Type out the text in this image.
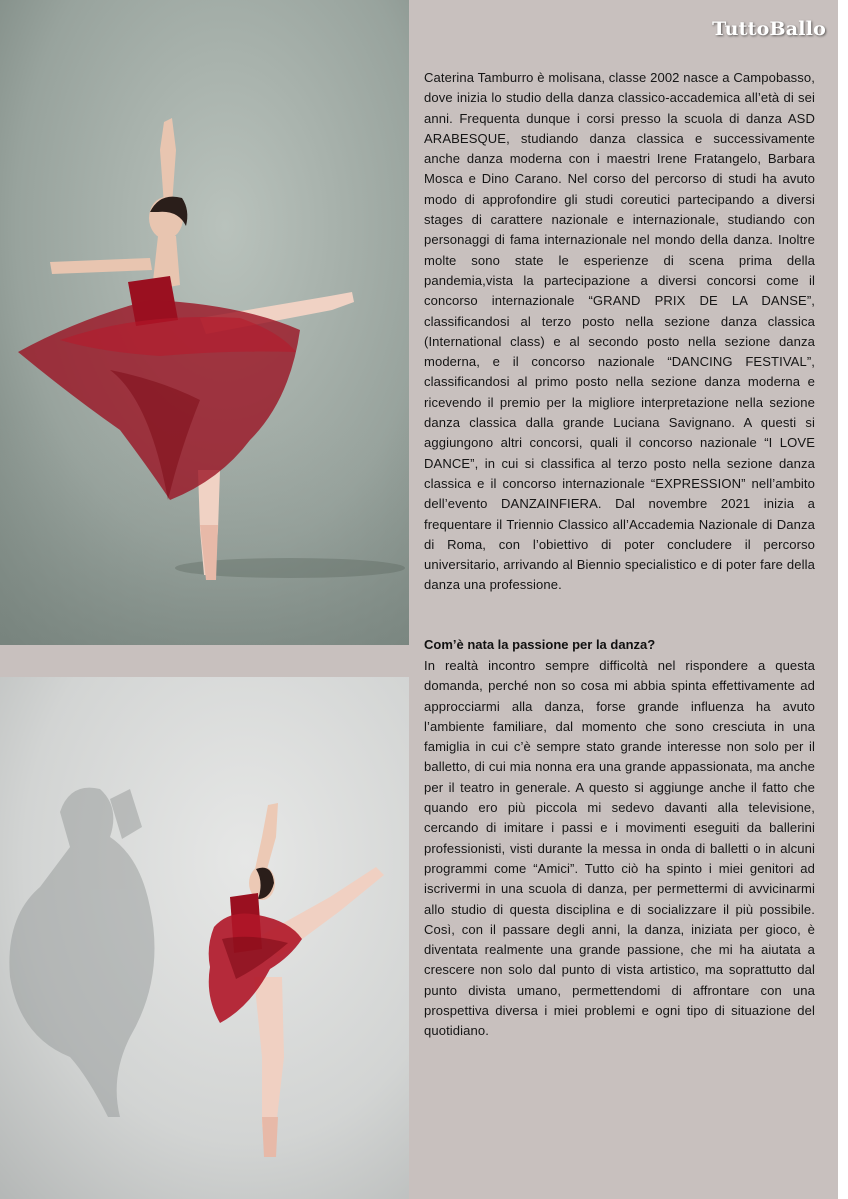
TuttoBallo

Caterina Tamburro è molisana, classe 2002 nasce a Campobasso, dove inizia lo studio della danza classico-accademica all’età di sei anni. Frequenta dunque i corsi presso la scuola di danza ASD ARABESQUE, studiando danza classica e successivamente anche danza moderna con i maestri Irene Fratangelo, Barbara Mosca e Dino Carano. Nel corso del percorso di studi ha avuto modo di approfondire gli studi coreutici partecipando a diversi stages di carattere nazionale e internazionale, studiando con personaggi di fama internazionale nel mondo della danza. Inoltre molte sono state le esperienze di scena prima della pandemia,vista la partecipazione a diversi concorsi come il concorso internazionale “GRAND PRIX DE LA DANSE”, classificandosi al terzo posto nella sezione danza classica (International class) e al secondo posto nella sezione danza moderna, e il concorso nazionale “DANCING FESTIVAL”, classificandosi al primo posto nella sezione danza moderna e ricevendo il premio per la migliore interpretazione nella sezione danza classica dalla grande Luciana Savignano. A questi si aggiungono altri concorsi, quali il concorso nazionale “I LOVE DANCE”, in cui si classifica al terzo posto nella sezione danza classica e il concorso internazionale “EXPRESSION” nell’ambito dell’evento DANZAINFIERA. Dal novembre 2021 inizia a frequentare il Triennio Classico all’Accademia Nazionale di Danza di Roma, con l’obiettivo di poter concludere il percorso universitario, arrivando al Biennio specialistico e di poter fare della danza una professione.

Com’è nata la passione per la danza?

In realtà incontro sempre difficoltà nel rispondere a questa domanda, perché non so cosa mi abbia spinta effettivamente ad approcciarmi alla danza, forse grande influenza ha avuto l’ambiente familiare, dal momento che sono cresciuta in una famiglia in cui c’è sempre stato grande interesse non solo per il balletto, di cui mia nonna era una grande appassionata, ma anche per il teatro in generale. A questo si aggiunge anche il fatto che quando ero più piccola mi sedevo davanti alla televisione, cercando di imitare i passi e i movimenti eseguiti da ballerini professionisti, visti durante la messa in onda di balletti o in alcuni programmi come “Amici”. Tutto ciò ha spinto i miei genitori ad iscrivermi in una scuola di danza, per permettermi di avvicinarmi allo studio di questa disciplina e di socializzare il più possibile. Così, con il passare degli anni, la danza, iniziata per gioco, è diventata realmente una grande passione, che mi ha aiutata a crescere non solo dal punto di vista artistico, ma soprattutto dal punto divista umano, permettendomi di affrontare con una prospettiva diversa i miei problemi e ogni tipo di situazione del quotidiano.
